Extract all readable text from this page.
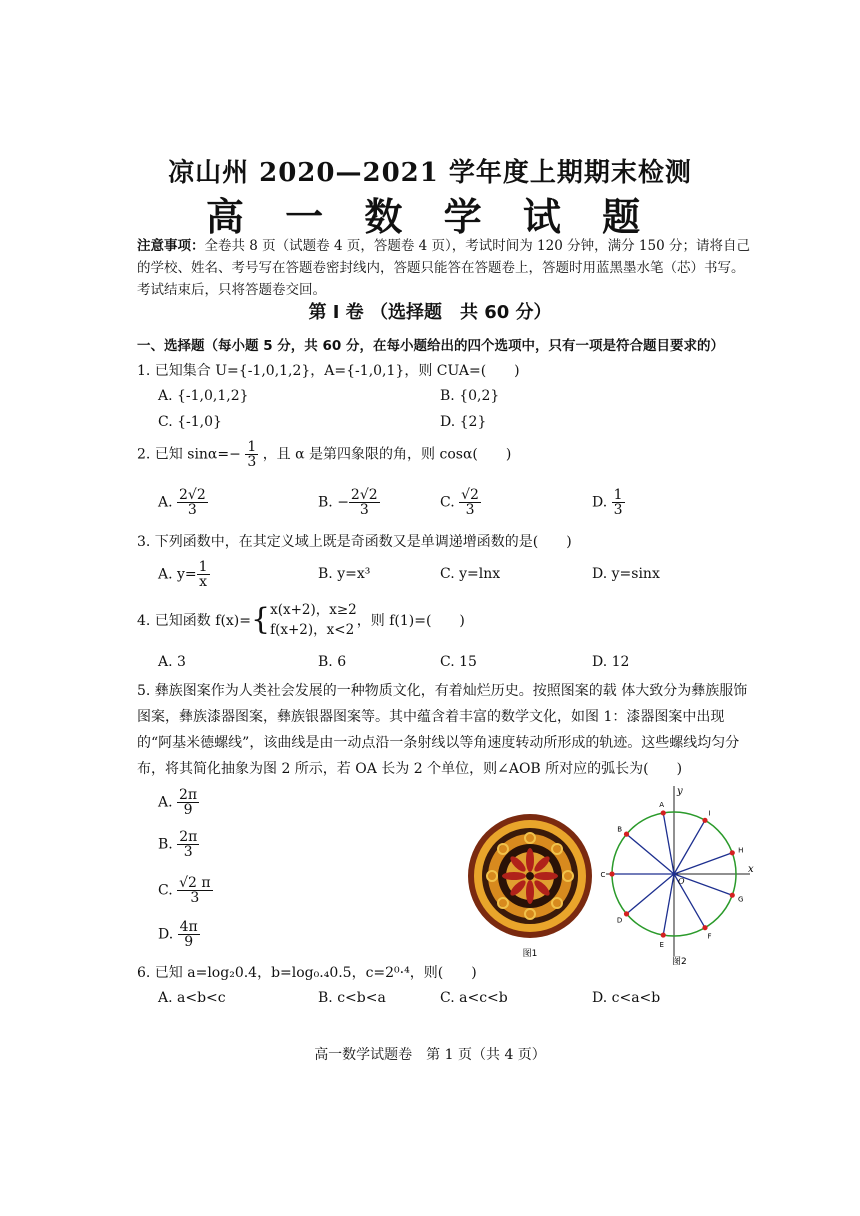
凉山州 2020—2021 学年度上期期末检测
高 一 数 学 试 题
注意事项：全卷共 8 页（试题卷 4 页，答题卷 4 页），考试时间为 120 分钟，满分 150 分；请将自己的学校、姓名、考号写在答题卷密封线内，答题只能答在答题卷上，答题时用蓝黑墨水笔（芯）书写。考试结束后，只将答题卷交回。
第 Ⅰ 卷 （选择题　共 60 分）
一、选择题（每小题 5 分，共 60 分，在每小题给出的四个选项中，只有一项是符合题目要求的）
1. 已知集合 U={-1,0,1,2}，A={-1,0,1}，则 CUA=(　　)
A. {-1,0,1,2}	B. {0,2}
C. {-1,0}	D. {2}
2. 已知 $\sin\alpha=- \frac{1}{3}$ ，且 α 是第四象限的角，则 cosα(　　)
A. $\frac{2√2}{3}$	B. − $\frac{2√2}{3}$	C. $\frac{√2}{3}$	D. $\frac{1}{3}$
3. 下列函数中，在其定义域上既是奇函数又是单调递增函数的是(　　)
A. $y= \frac{1}{x}$	B. y=x³	C. y=lnx	D. y=sinx
4. 已知函数 f(x)={ x(x+2)，x≥2
f(x+2)，x<2
，则 f(1)=(　　)
A. 3	B. 6	C. 15	D. 12
5. 彝族图案作为人类社会发展的一种物质文化，有着灿烂历史。按照图案的载 体大致分为彝族服饰图案，彝族漆器图案，彝族银器图案等。其中蕴含着丰富的数学文化，如图 1：漆器图案中出现的“阿基米德螺线”，该曲线是由一动点沿一条射线以等角速度转动所形成的轨迹。这些螺线均匀分布，将其简化抽象为图 2 所示，若 OA 长为 2 个单位，则∠AOB 所对应的弧长为(　　)
A. $\frac{2\pi}{9}$
B. $\frac{2\pi}{3}$
C. $\frac{√2 \pi}{3}$
D. $\frac{4\pi}{9}$
图1
x
y
A
B
C
D
E
F
G
H
I
O
图2
6. 已知 a=log₂0.4，b=log₀.₄0.5，c=2⁰·⁴，则(　　)
A. a<b<c	B. c<b<a	C. a<c<b	D. c<a<b
高一数学试题卷　第 1 页（共 4 页）
